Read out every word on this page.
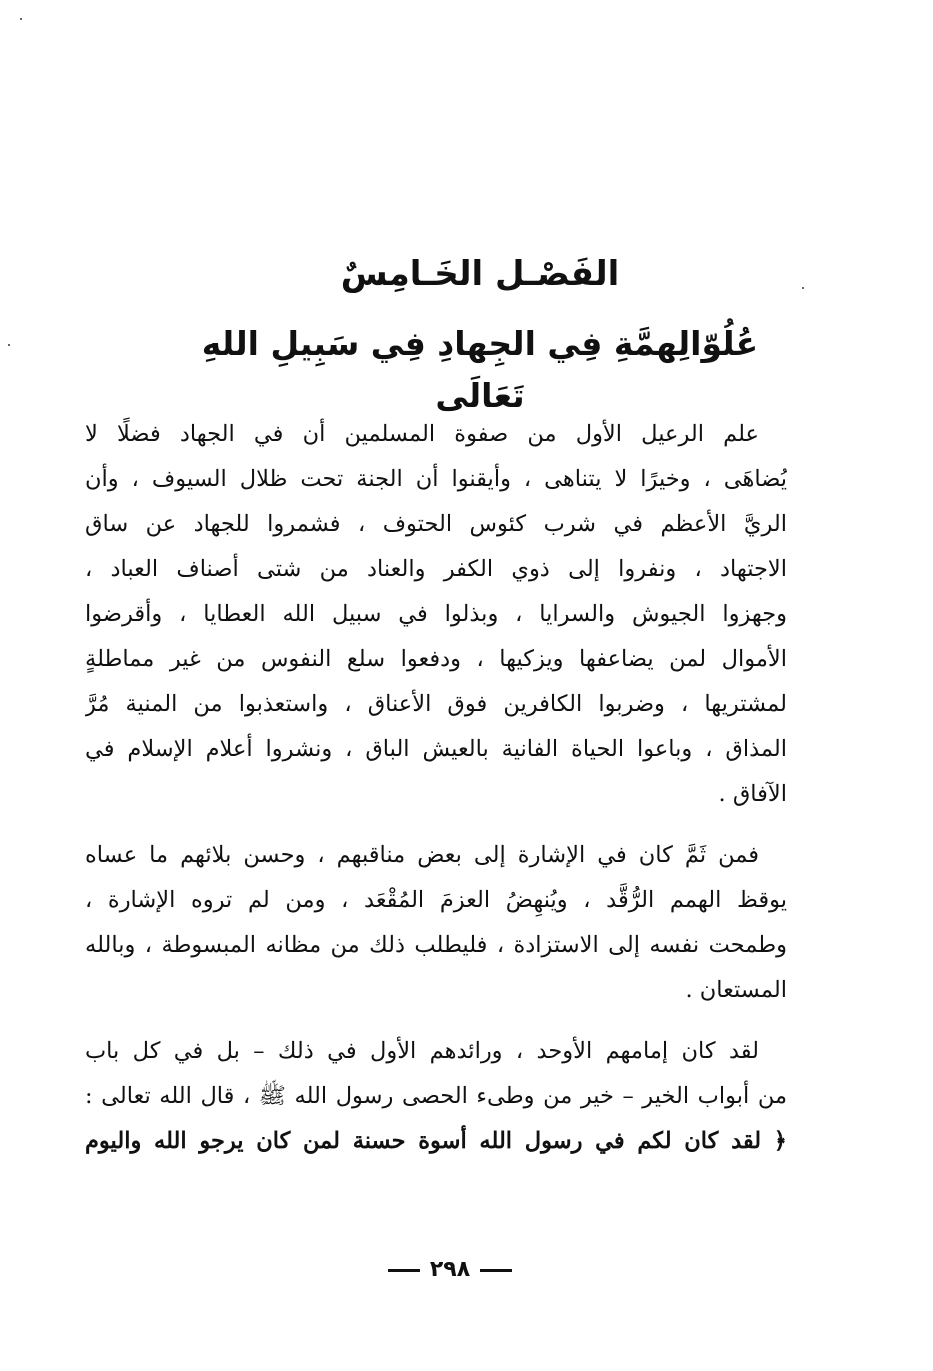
الفَصْـل الخَـامِسٌ
عُلُوّالِهمَّةِ فِي الجِهادِ فِي سَبِيلِ اللهِ تَعَالَى
علم الرعيل الأول من صفوة المسلمين أن في الجهاد فضلًا لا
يُضاهَى ، وخيرًا لا يتناهى ، وأيقنوا أن الجنة تحت ظلال السيوف ، وأن
الريَّ الأعظم في شرب كئوس الحتوف ، فشمروا للجهاد عن ساق
الاجتهاد ، ونفروا إلى ذوي الكفر والعناد من شتى أصناف العباد ،
وجهزوا الجيوش والسرايا ، وبذلوا في سبيل الله العطايا ، وأقرضوا
الأموال لمن يضاعفها ويزكيها ، ودفعوا سلع النفوس من غير مماطلةٍ
لمشتريها ، وضربوا الكافرين فوق الأعناق ، واستعذبوا من المنية مُرَّ
المذاق ، وباعوا الحياة الفانية بالعيش الباق ، ونشروا أعلام الإسلام في
الآفاق .
فمن ثَمَّ كان في الإشارة إلى بعض مناقبهم ، وحسن بلائهم ما عساه
يوقظ الهمم الرُّقَّد ، ويُنهِضُ العزمَ المُقْعَد ، ومن لم تروه الإشارة ،
وطمحت نفسه إلى الاستزادة ، فليطلب ذلك من مظانه المبسوطة ، وبالله
المستعان .
لقد كان إمامهم الأوحد ، ورائدهم الأول في ذلك – بل في كل باب
من أبواب الخير – خير من وطىء الحصى رسول الله ﷺ ، قال الله تعالى :
﴿ لقد كان لكم في رسول الله أسوة حسنة لمن كان يرجو الله واليوم
٢٩٨
